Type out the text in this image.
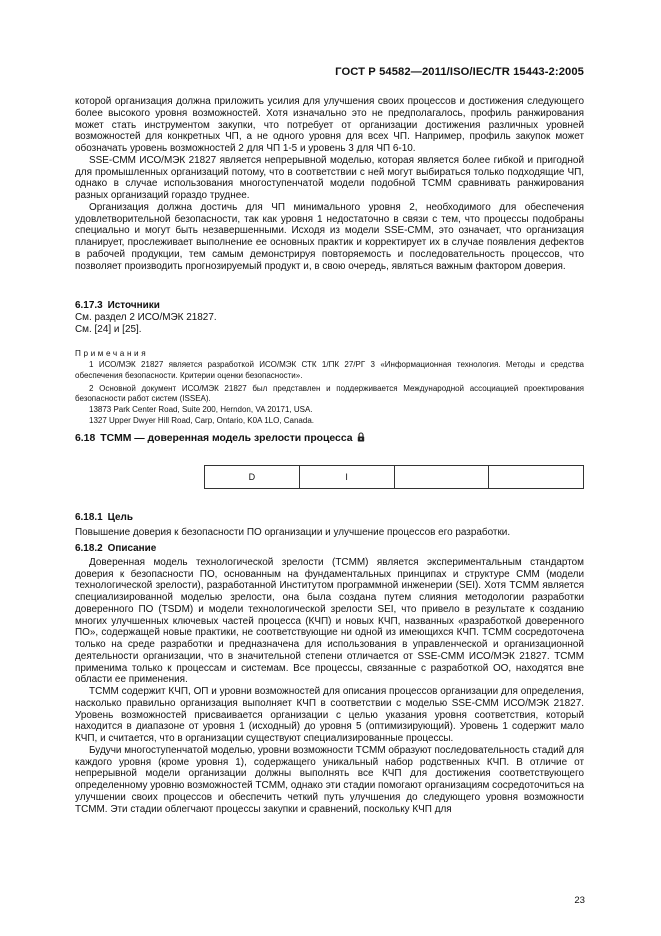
ГОСТ Р 54582—2011/ISO/IEC/TR 15443-2:2005

которой организация должна приложить усилия для улучшения своих процессов и достижения следующего более высокого уровня возможностей. Хотя изначально это не предполагалось, профиль ранжирования может стать инструментом закупки, что потребует от организации достижения различных уровней возможностей для конкретных ЧП, а не одного уровня для всех ЧП. Например, профиль закупок может обозначать уровень возможностей 2 для ЧП 1-5 и уровень 3 для ЧП 6-10.

SSE-CMM ИСО/МЭК 21827 является непрерывной моделью, которая является более гибкой и пригодной для промышленных организаций потому, что в соответствии с ней могут выбираться только подходящие ЧП, однако в случае использования многоступенчатой модели подобной ТСММ сравнивать ранжирования разных организаций гораздо труднее.

Организация должна достичь для ЧП минимального уровня 2, необходимого для обеспечения удовлетворительной безопасности, так как уровня 1 недостаточно в связи с тем, что процессы подобраны специально и могут быть незавершенными. Исходя из модели SSE-CMM, это означает, что организация планирует, прослеживает выполнение ее основных практик и корректирует их в случае появления дефектов в рабочей продукции, тем самым демонстрируя повторяемость и последовательность процессов, что позволяет производить прогнозируемый продукт и, в свою очередь, являться важным фактором доверия.

6.17.3 Источники

См. раздел 2 ИСО/МЭК 21827.

См. [24] и [25].

Примечания

1 ИСО/МЭК 21827 является разработкой ИСО/МЭК СТК 1/ПК 27/РГ 3 «Информационная технология. Методы и средства обеспечения безопасности. Критерии оценки безопасности».

2 Основной документ ИСО/МЭК 21827 был представлен и поддерживается Международной ассоциацией проектирования безопасности работ систем (ISSEA).

13873 Park Center Road, Suite 200, Herndon, VA 20171, USA.

1327 Upper Dwyer Hill Road, Carp, Ontario, K0A 1LO, Canada.

6.18 TCMM — доверенная модель зрелости процесса
D	I		
6.18.1 Цель

Повышение доверия к безопасности ПО организации и улучшение процессов его разработки.

6.18.2 Описание

Доверенная модель технологической зрелости (TCMM) является экспериментальным стандартом доверия к безопасности ПО, основанным на фундаментальных принципах и структуре CMM (модели технологической зрелости), разработанной Институтом программной инженерии (SEI). Хотя TCMM является специализированной моделью зрелости, она была создана путем слияния методологии разработки доверенного ПО (TSDM) и модели технологической зрелости SEI, что привело в результате к созданию многих улучшенных ключевых частей процесса (КЧП) и новых КЧП, названных «разработкой доверенного ПО», содержащей новые практики, не соответствующие ни одной из имеющихся КЧП. TCMM сосредоточена только на среде разработки и предназначена для использования в управленческой и организационной деятельности организации, что в значительной степени отличается от SSE-CMM ИСО/МЭК 21827. TCMM применима только к процессам и системам. Все процессы, связанные с разработкой ОО, находятся вне области ее применения.

TCMM содержит КЧП, ОП и уровни возможностей для описания процессов организации для определения, насколько правильно организация выполняет КЧП в соответствии с моделью SSE-CMM ИСО/МЭК 21827. Уровень возможностей присваивается организации с целью указания уровня соответствия, который находится в диапазоне от уровня 1 (исходный) до уровня 5 (оптимизирующий). Уровень 1 содержит мало КЧП, и считается, что в организации существуют специализированные процессы.

Будучи многоступенчатой моделью, уровни возможности TCMM образуют последовательность стадий для каждого уровня (кроме уровня 1), содержащего уникальный набор родственных КЧП. В отличие от непрерывной модели организации должны выполнять все КЧП для достижения соответствующего определенному уровню возможностей TCMM, однако эти стадии помогают организациям сосредоточиться на улучшении своих процессов и обеспечить четкий путь улучшения до следующего уровня возможности TCMM. Эти стадии облегчают процессы закупки и сравнений, поскольку КЧП для

23
